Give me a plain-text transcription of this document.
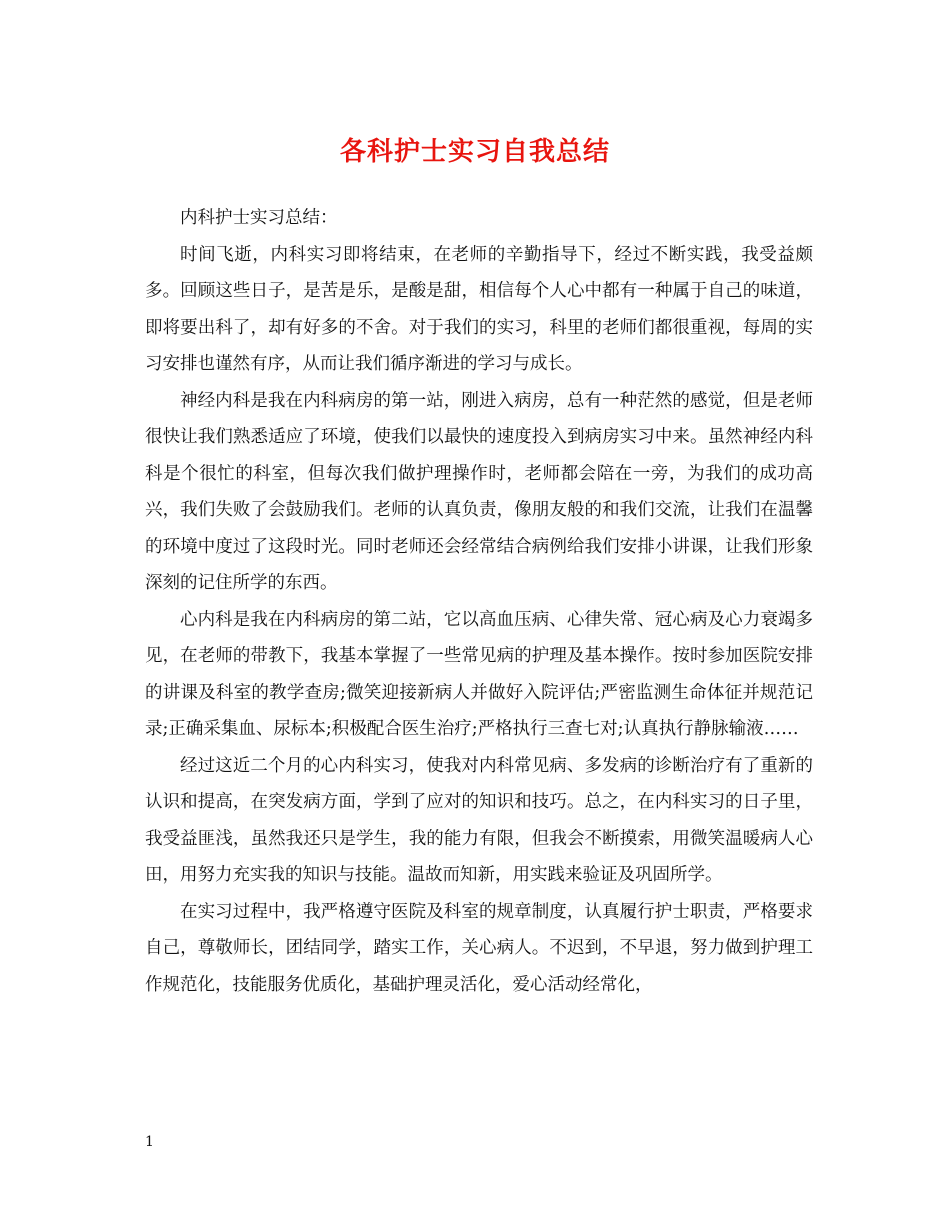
各科护士实习自我总结

内科护士实习总结：

时间飞逝，内科实习即将结束，在老师的辛勤指导下，经过不断实践，我受益颇多。回顾这些日子，是苦是乐，是酸是甜，相信每个人心中都有一种属于自己的味道，即将要出科了，却有好多的不舍。对于我们的实习，科里的老师们都很重视，每周的实习安排也谨然有序，从而让我们循序渐进的学习与成长。

神经内科是我在内科病房的第一站，刚进入病房，总有一种茫然的感觉，但是老师很快让我们熟悉适应了环境，使我们以最快的速度投入到病房实习中来。虽然神经内科科是个很忙的科室，但每次我们做护理操作时，老师都会陪在一旁，为我们的成功高兴，我们失败了会鼓励我们。老师的认真负责，像朋友般的和我们交流，让我们在温馨的环境中度过了这段时光。同时老师还会经常结合病例给我们安排小讲课，让我们形象深刻的记住所学的东西。

心内科是我在内科病房的第二站，它以高血压病、心律失常、冠心病及心力衰竭多见，在老师的带教下，我基本掌握了一些常见病的护理及基本操作。按时参加医院安排的讲课及科室的教学查房;微笑迎接新病人并做好入院评估;严密监测生命体征并规范记录;正确采集血、尿标本;积极配合医生治疗;严格执行三查七对;认真执行静脉输液……

经过这近二个月的心内科实习，使我对内科常见病、多发病的诊断治疗有了重新的认识和提高，在突发病方面，学到了应对的知识和技巧。总之，在内科实习的日子里，我受益匪浅，虽然我还只是学生，我的能力有限，但我会不断摸索，用微笑温暖病人心田，用努力充实我的知识与技能。温故而知新，用实践来验证及巩固所学。

在实习过程中，我严格遵守医院及科室的规章制度，认真履行护士职责，严格要求自己，尊敬师长，团结同学，踏实工作，关心病人。不迟到，不早退，努力做到护理工作规范化，技能服务优质化，基础护理灵活化，爱心活动经常化，

1
